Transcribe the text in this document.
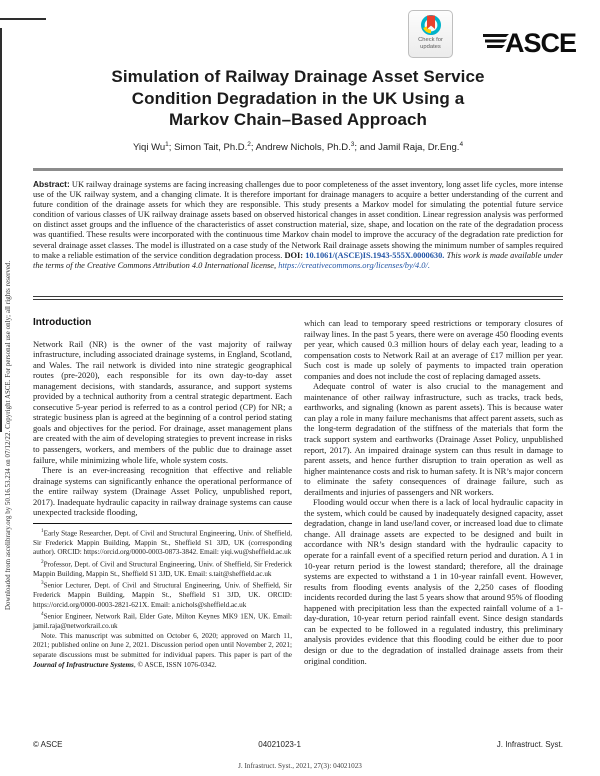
Downloaded from ascelibrary.org by 50.16.53.234 on 07/12/22. Copyright ASCE. For personal use only; all rights reserved.
Check for
updates ASCE
Simulation of Railway Drainage Asset Service
Condition Degradation in the UK Using a
Markov Chain–Based Approach
Yiqi Wu$^1$; Simon Tait, Ph.D.$^2$; Andrew Nichols, Ph.D.$^3$; and Jamil Raja, Dr.Eng.$^4$

Abstract: UK railway drainage systems are facing increasing challenges due to poor completeness of the asset inventory, long asset life cycles, more intense use of the UK railway system, and a changing climate. It is therefore important for drainage managers to acquire a better understanding of the current and future condition of the drainage assets for which they are responsible. This study presents a Markov model for simulating the potential future service condition of various classes of UK railway drainage assets based on observed historical changes in asset condition. Linear regression analysis was performed on distinct asset groups and the influence of the characteristics of asset construction material, size, shape, and location on the rate of the degradation process was quantified. These results were incorporated with the continuous time Markov chain model to improve the accuracy of the degradation rate prediction for several drainage asset classes. The model is illustrated on a case study of the Network Rail drainage assets showing the minimum number of samples required to make a reliable estimation of the service condition degradation process. DOI: 10.1061/(ASCE)IS.1943-555X.0000630. This work is made available under the terms of the Creative Commons Attribution 4.0 International license, https://creativecommons.org/licenses/by/4.0/.

Introduction

Network Rail (NR) is the owner of the vast majority of railway infrastructure, including associated drainage systems, in England, Scotland, and Wales. The rail network is divided into nine strategic geographical routes (pre-2020), each responsible for its own day-to-day asset management decisions, with standards, assurance, and support systems provided by a technical authority from a central strategic department. Each consecutive 5-year period is referred to as a control period (CP) for NR; a strategic business plan is agreed at the beginning of a control period stating goals and objectives for the period. For drainage, asset management plans are created with the aim of developing strategies to prevent increase in risks to passengers, workers, and members of the public due to drainage asset failure, while minimizing whole life, whole system costs.

There is an ever-increasing recognition that effective and reliable drainage systems can significantly enhance the operational performance of the entire railway system (Drainage Asset Policy, unpublished report, 2017). Inadequate hydraulic capacity in railway drainage systems can cause unexpected trackside flooding,

$^1$Early Stage Researcher, Dept. of Civil and Structural Engineering, Univ. of Sheffield, Sir Frederick Mappin Building, Mappin St., Sheffield S1 3JD, UK (corresponding author). ORCID: https://orcid.org/0000-0003-0873-3842. Email: yiqi.wu@sheffield.ac.uk

$^2$Professor, Dept. of Civil and Structural Engineering, Univ. of Sheffield, Sir Frederick Mappin Building, Mappin St., Sheffield S1 3JD, UK. Email: s.tait@sheffield.ac.uk

$^3$Senior Lecturer, Dept. of Civil and Structural Engineering, Univ. of Sheffield, Sir Frederick Mappin Building, Mappin St., Sheffield S1 3JD, UK. ORCID: https://orcid.org/0000-0003-2821-621X. Email: a.nichols@sheffield.ac.uk

$^4$Senior Engineer, Network Rail, Elder Gate, Milton Keynes MK9 1EN, UK. Email: jamil.raja@networkrail.co.uk

Note. This manuscript was submitted on October 6, 2020; approved on March 11, 2021; published online on June 2, 2021. Discussion period open until November 2, 2021; separate discussions must be submitted for individual papers. This paper is part of the Journal of Infrastructure Systems, © ASCE, ISSN 1076-0342.

which can lead to temporary speed restrictions or temporary closures of railway lines. In the past 5 years, there were on average 450 flooding events per year, which caused 0.3 million hours of delay each year, leading to a compensation costs to Network Rail at an average of £17 million per year. Such cost is made up solely of payments to impacted train operation companies and does not include the cost of replacing damaged assets.

Adequate control of water is also crucial to the management and maintenance of other railway infrastructure, such as tracks, track beds, earthworks, and signaling (known as parent assets). This is because water can play a role in many failure mechanisms that affect parent assets, such as the long-term degradation of the stiffness of the materials that form the track support system and earthworks (Drainage Asset Policy, unpublished report, 2017). An impaired drainage system can thus result in damage to parent assets, and hence further disruption to train operation as well as higher maintenance costs and risk to human safety. It is NR’s major concern to eliminate the safety consequences of drainage failure, such as derailments and injuries of passengers and NR workers.

Flooding would occur when there is a lack of local hydraulic capacity in the system, which could be caused by inadequately designed capacity, asset degradation, change in land use/land cover, or increased load due to climate change. All drainage assets are expected to be designed and built in accordance with NR’s design standard with the hydraulic capacity to operate for a rainfall event of a specified return period and duration. A 1 in 10-year return period is the lowest standard; therefore, all the drainage systems are expected to withstand a 1 in 10-year rainfall event. However, results from flooding events analysis of the 2,250 cases of flooding incidents recorded during the last 5 years show that around 95% of flooding happened with precipitation less than the expected rainfall volume of a 1-day-duration, 10-year return period rainfall event. Since design standards can be expected to be followed in a regulated industry, this preliminary analysis provides evidence that this flooding could be either due to poor design or due to the degradation of installed drainage assets from their original condition.

© ASCE	04021023-1	J. Infrastruct. Syst.
J. Infrastruct. Syst., 2021, 27(3): 04021023
